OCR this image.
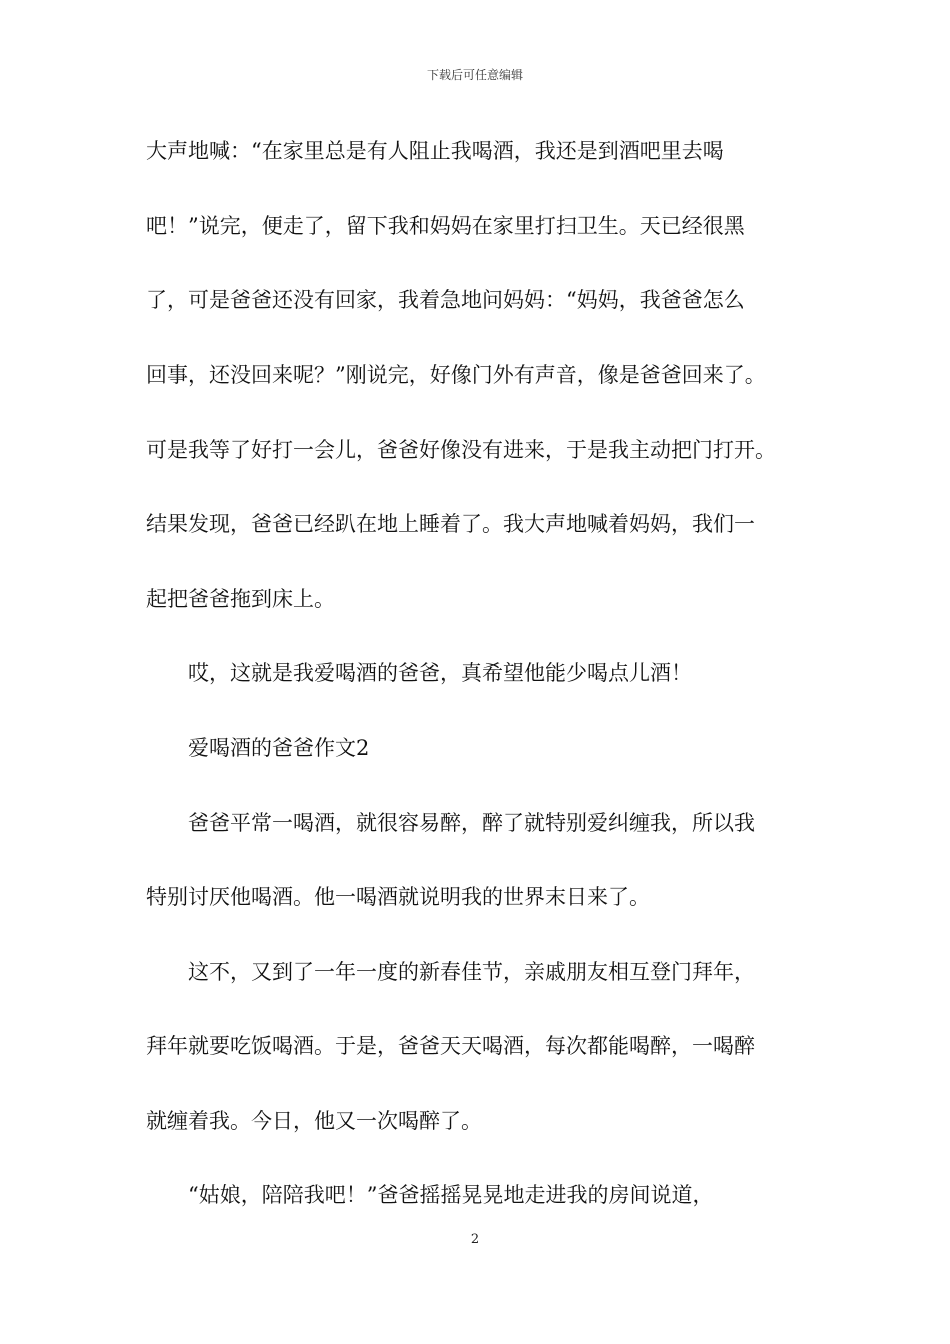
下载后可任意编辑
大声地喊：“在家里总是有人阻止我喝酒，我还是到酒吧里去喝
吧！”说完，便走了，留下我和妈妈在家里打扫卫生。天已经很黑
了，可是爸爸还没有回家，我着急地问妈妈：“妈妈，我爸爸怎么
回事，还没回来呢？”刚说完，好像门外有声音，像是爸爸回来了。
可是我等了好打一会儿，爸爸好像没有进来，于是我主动把门打开。
结果发现，爸爸已经趴在地上睡着了。我大声地喊着妈妈，我们一
起把爸爸拖到床上。
哎，这就是我爱喝酒的爸爸，真希望他能少喝点儿酒！
爱喝酒的爸爸作文2
爸爸平常一喝酒，就很容易醉，醉了就特别爱纠缠我，所以我
特别讨厌他喝酒。他一喝酒就说明我的世界末日来了。
这不，又到了一年一度的新春佳节，亲戚朋友相互登门拜年，
拜年就要吃饭喝酒。于是，爸爸天天喝酒，每次都能喝醉，一喝醉
就缠着我。今日，他又一次喝醉了。
“姑娘，陪陪我吧！”爸爸摇摇晃晃地走进我的房间说道，
2
